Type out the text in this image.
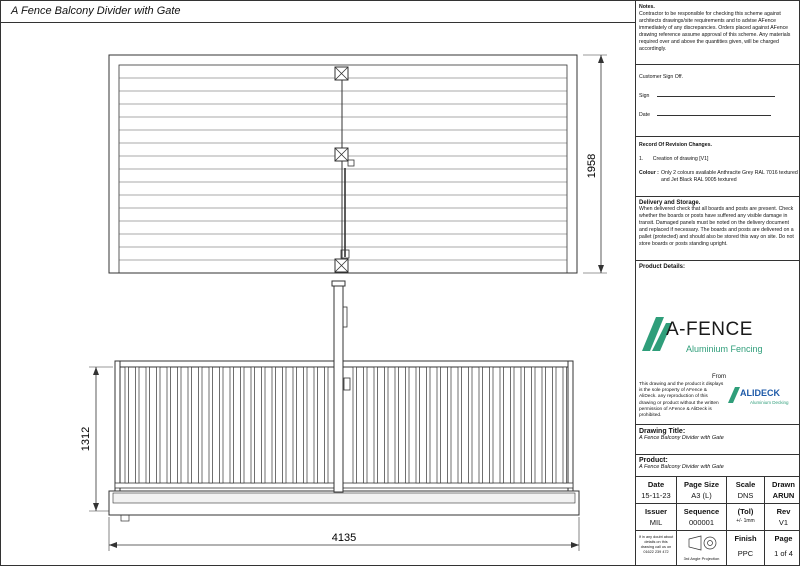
A Fence Balcony Divider with Gate
1958
1312
4135
Notes.
Contractor to be responsible for checking this scheme against architects drawings/site requirements and to advise AFence immediately of any discrepancies. Orders placed against AFence drawing reference assume approval of this scheme. Any materials required over and above the quantities given, will be charged accordingly.
Customer Sign Off.
Sign
Date
Record Of Revision Changes.
1. Creation of drawing [V1]
Colour : Only 2 colours available Anthracite Grey RAL 7016 textured and Jet Black RAL 9005 textured
Delivery and Storage.
When delivered check that all boards and posts are present. Check whether the boards or posts have suffered any visible damage in transit. Damaged panels must be noted on the delivery document and replaced if necessary. The boards and posts are delivered on a pallet (protected) and should also be stored this way on site. Do not store boards or posts standing upright.
Product Details:
A-FENCE
Aluminium Fencing
From
This drawing and the product it displays is the sole property of AFence & AliDeck. any reproduction of this drawing or product without the written permission of AFence & AliDeck is prohibited.
ALIDECK
Aluminium Decking
Drawing Title:
A Fence Balcony Divider with Gate
Product:
A Fence Balcony Divider with Gate
Date
15-11-23
Page Size
A3 (L)
Scale
DNS
Drawn
ARUN
Issuer
MIL
Sequence
000001
(Tol)
+/- 1mm
Rev
V1
If in any doubt about details on this drawing call us on 01622 239 472
3rd Angle Projection
Finish
PPC
Page
1 of 4
